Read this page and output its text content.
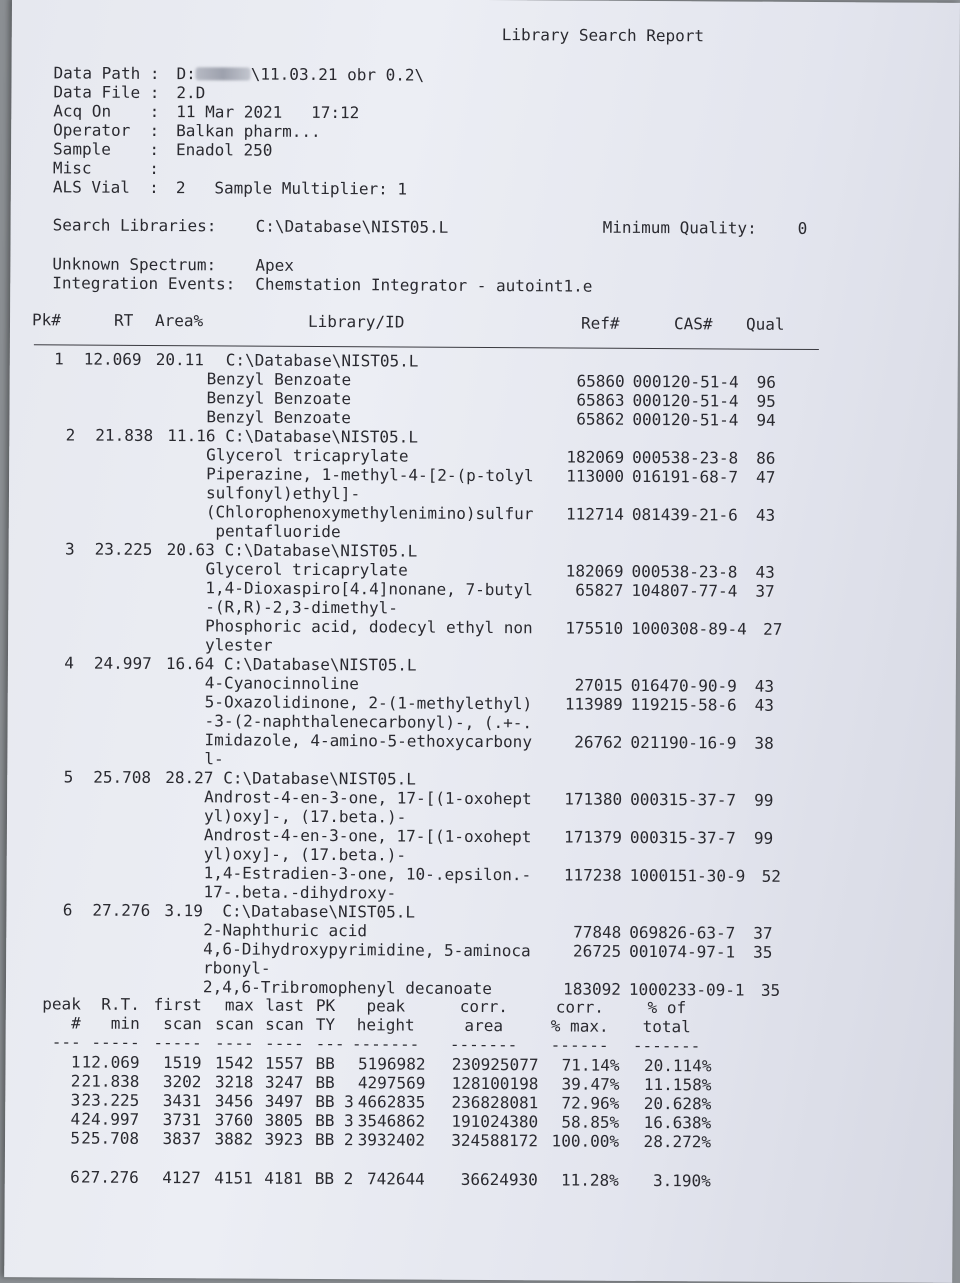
Library Search Report
Data Path : D:	\11.03.21 obr 0.2\
Data File : 2.D
Acq On    : 11 Mar 2021   17:12
Operator  : Balkan pharm...
Sample    : Enadol 250
Misc      :
ALS Vial  : 2   Sample Multiplier: 1
Search Libraries: C:\Database\NIST05.L	Minimum Quality:	0
Unknown Spectrum: Apex
Integration Events: Chemstation Integrator - autoint1.e
Pk#	RT Area%	Library/ID	Ref#	CAS# Qual
1 12.069 20.11 C:\Database\NIST05.L
Benzyl Benzoate	65860 000120-51-4	96
Benzyl Benzoate	65863 000120-51-4	95
Benzyl Benzoate	65862 000120-51-4	94
2 21.838 11.16 C:\Database\NIST05.L
Glycerol tricaprylate	182069 000538-23-8	86
Piperazine, 1-methyl-4-[2-(p-tolyl
sulfonyl)ethyl]-
113000 016191-68-7	47
(Chlorophenoxymethylenimino)sulfur
pentafluoride
112714 081439-21-6	43
3 23.225 20.63 C:\Database\NIST05.L
Glycerol tricaprylate	182069 000538-23-8	43
1,4-Dioxaspiro[4.4]nonane, 7-butyl
-(R,R)-2,3-dimethyl-
65827 104807-77-4	37
Phosphoric acid, dodecyl ethyl non
ylester
175510 1000308-89-4	27
4 24.997 16.64 C:\Database\NIST05.L
4-Cyanocinnoline	27015 016470-90-9	43
5-Oxazolidinone, 2-(1-methylethyl)
-3-(2-naphthalenecarbonyl)-, (.+-.
113989 119215-58-6	43
Imidazole, 4-amino-5-ethoxycarbony
l-
26762 021190-16-9	38
5 25.708 28.27 C:\Database\NIST05.L
Androst-4-en-3-one, 17-[(1-oxohept
yl)oxy]-, (17.beta.)-
171380 000315-37-7	99
Androst-4-en-3-one, 17-[(1-oxohept
yl)oxy]-, (17.beta.)-
171379 000315-37-7	99
1,4-Estradien-3-one, 10-.epsilon.-
17-.beta.-dihydroxy-
117238 1000151-30-9	52
6 27.276 3.19 C:\Database\NIST05.L
2-Naphthuric acid	77848 069826-63-7	37
4,6-Dihydroxypyrimidine, 5-aminoca
rbonyl-
26725 001074-97-1	35
2,4,6-Tribromophenyl decanoate	183092 1000233-09-1	35
peak	R.T. first	max last PK	peak	corr.	corr.	% of
#	min	scan scan scan TY	height	area	% max.	total
--- ----- ----- ---- ---- --- -------	-------	------	-------
1 12.069	1519 1542 1557 BB	5196982	230925077	71.14%	20.114%
2 21.838	3202 3218 3247 BB	4297569	128100198	39.47%	11.158%
3 23.225	3431 3456 3497 BB 3 4662835	236828081	72.96%	20.628%
4 24.997	3731 3760 3805 BB 3 3546862	191024380	58.85%	16.638%
5 25.708	3837 3882 3923 BB 2 3932402	324588172 100.00%	28.272%
6 27.276	4127 4151 4181 BB 2 742644	36624930	11.28%	3.190%
